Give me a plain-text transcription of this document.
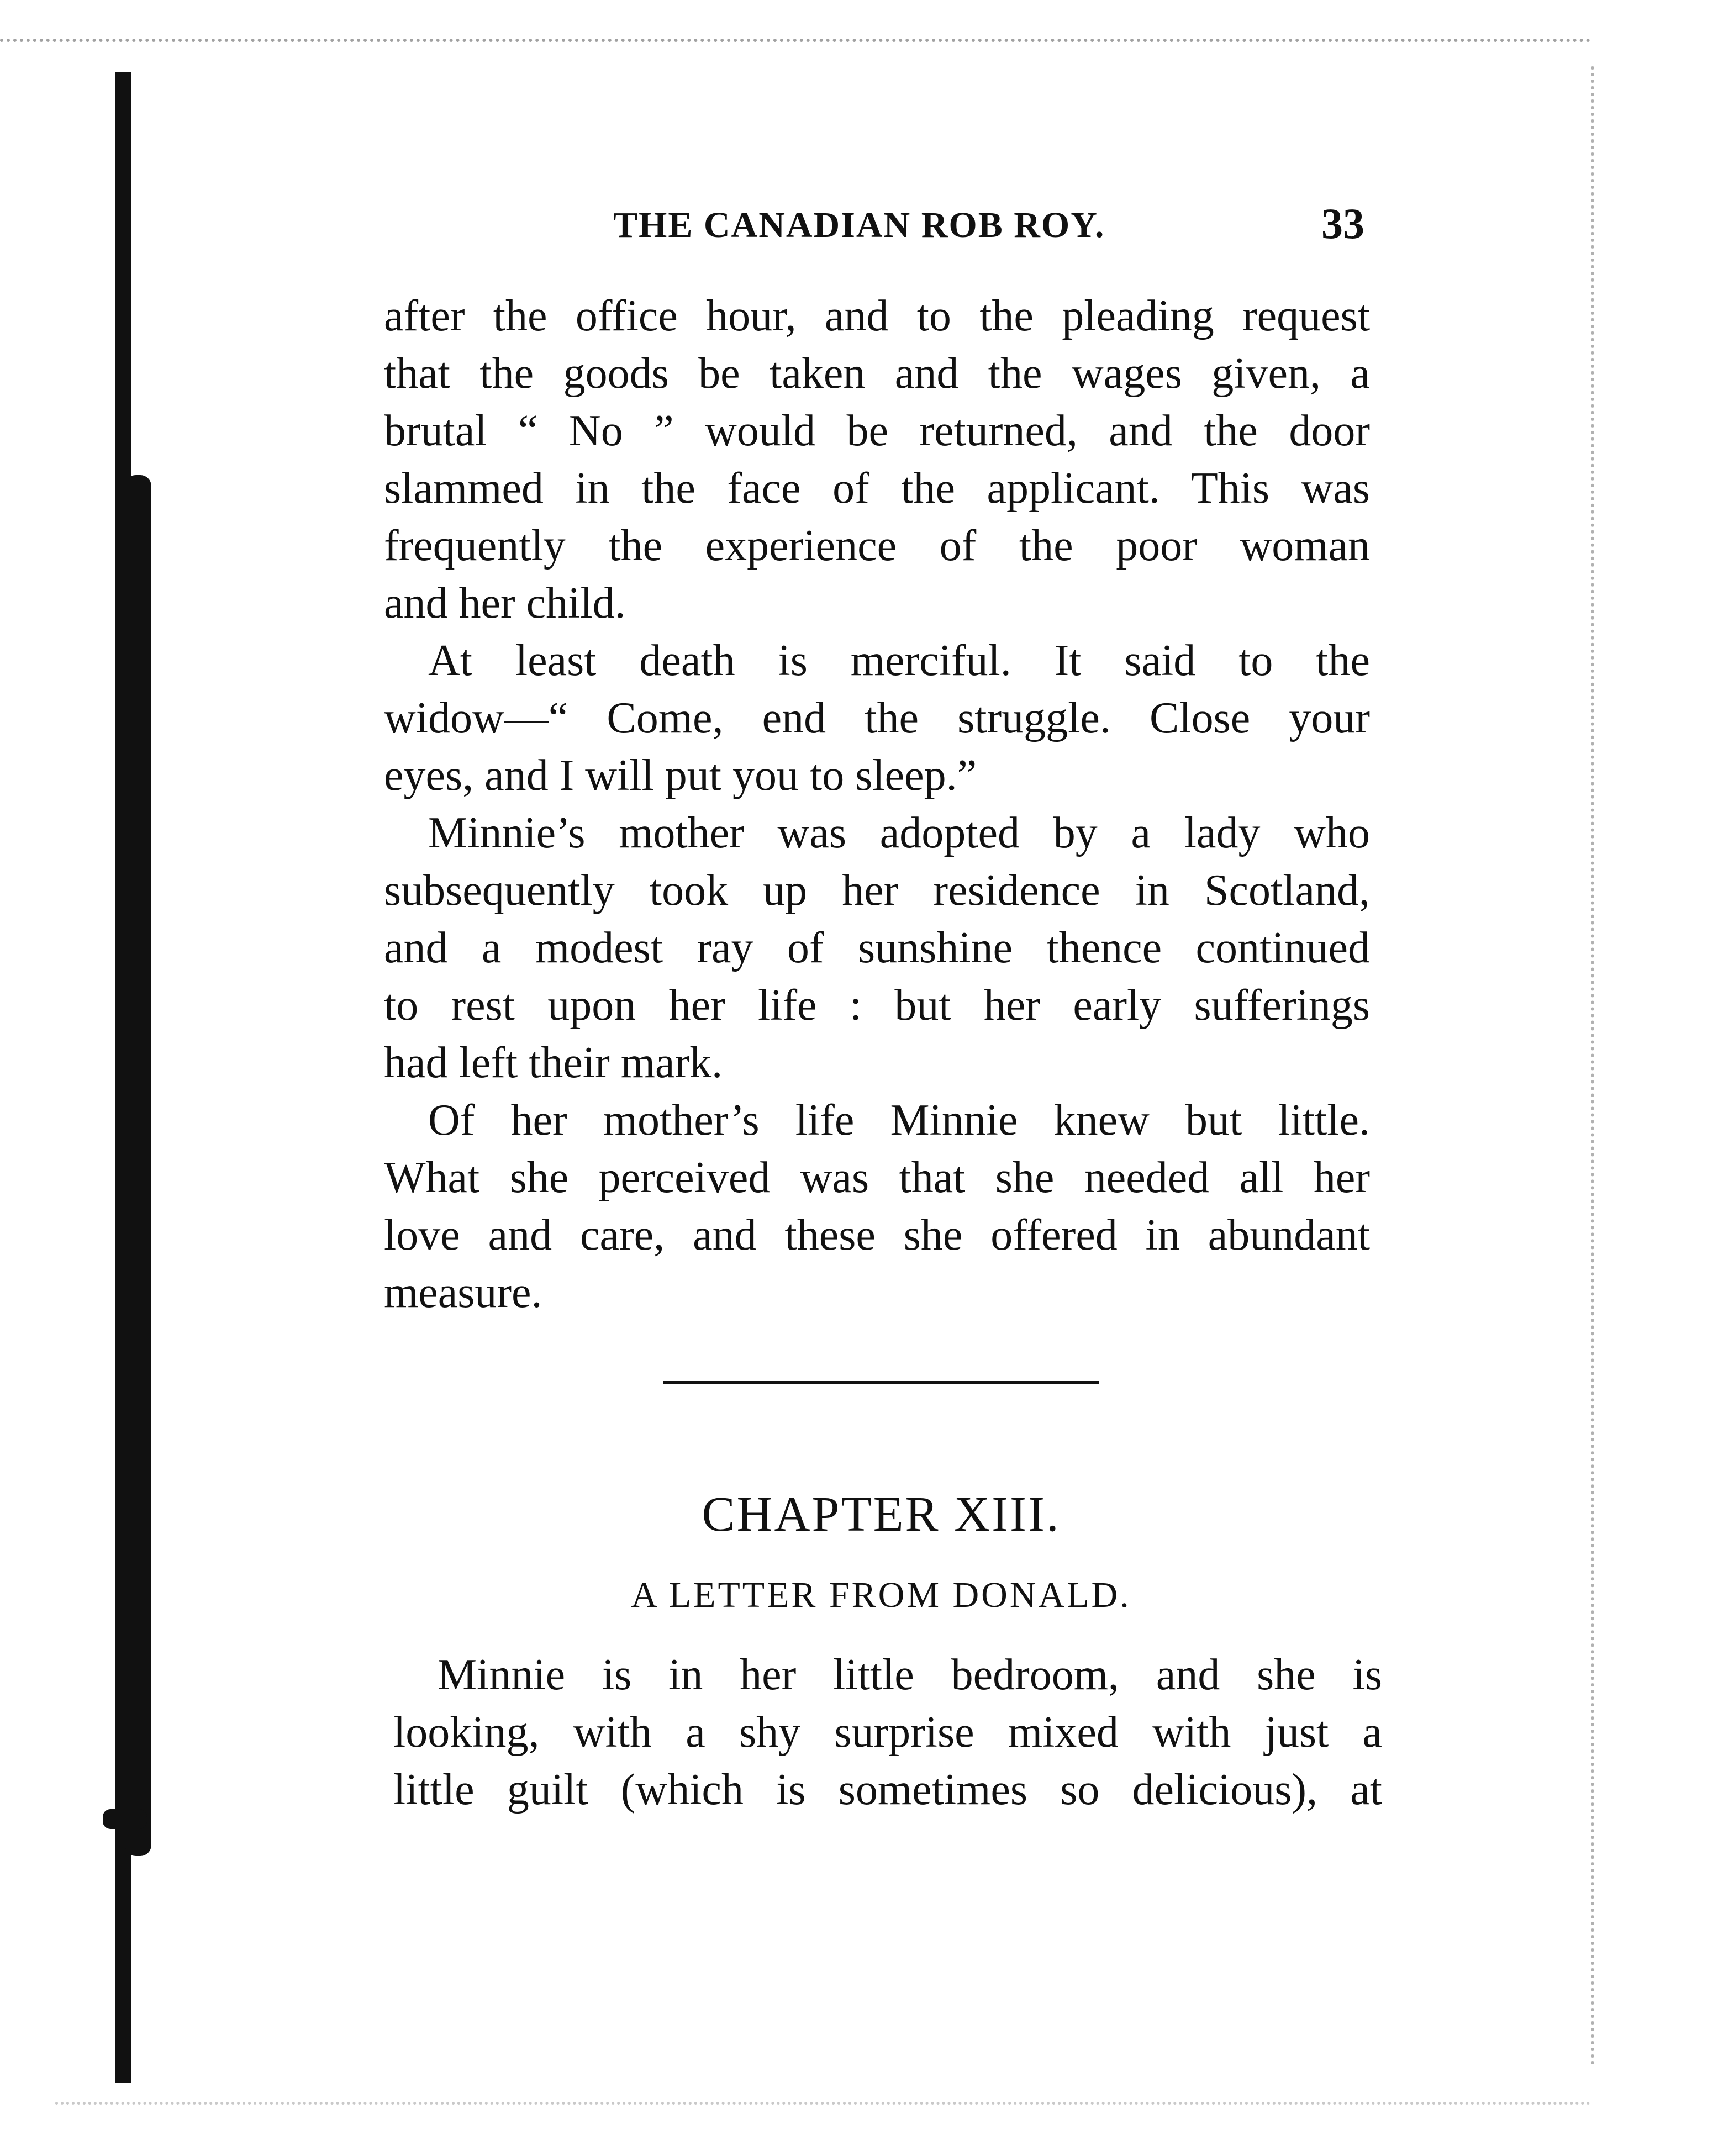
THE CANADIAN ROB ROY.	33
after the office hour, and to the pleading request
that the goods be taken and the wages given, a
brutal “ No ” would be returned, and the door
slammed in the face of the applicant. This was
frequently the experience of the poor woman
and her child.
 At least death is merciful. It said to the
widow—“ Come, end the struggle. Close your
eyes, and I will put you to sleep.”
 Minnie’s mother was adopted by a lady who
subsequently took up her residence in Scotland,
and a modest ray of sunshine thence continued
to rest upon her life : but her early sufferings
had left their mark.
 Of her mother’s life Minnie knew but little.
What she perceived was that she needed all her
love and care, and these she offered in abundant
measure.
CHAPTER XIII.
A LETTER FROM DONALD.
 Minnie is in her little bedroom, and she is
looking, with a shy surprise mixed with just a
little guilt (which is sometimes so delicious), at
